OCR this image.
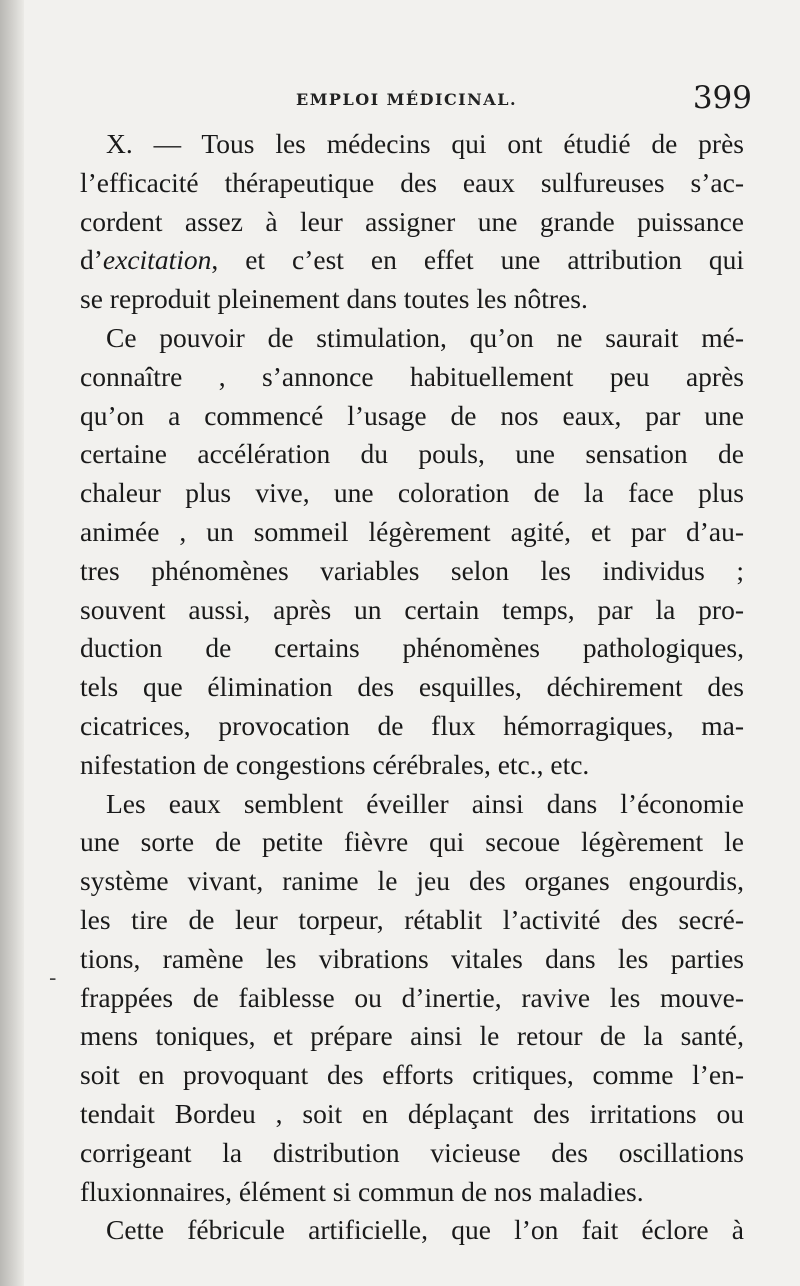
EMPLOI MÉDICINAL.	399
-
X. — Tous les médecins qui ont étudié de près
l’efficacité thérapeutique des eaux sulfureuses s’ac-
cordent assez à leur assigner une grande puissance
d’excitation, et c’est en effet une attribution qui
se reproduit pleinement dans toutes les nôtres.
Ce pouvoir de stimulation, qu’on ne saurait mé-
connaître , s’annonce habituellement peu après
qu’on a commencé l’usage de nos eaux, par une
certaine accélération du pouls, une sensation de
chaleur plus vive, une coloration de la face plus
animée , un sommeil légèrement agité, et par d’au-
tres phénomènes variables selon les individus ;
souvent aussi, après un certain temps, par la pro-
duction de certains phénomènes pathologiques,
tels que élimination des esquilles, déchirement des
cicatrices, provocation de flux hémorragiques, ma-
nifestation de congestions cérébrales, etc., etc.
Les eaux semblent éveiller ainsi dans l’économie
une sorte de petite fièvre qui secoue légèrement le
système vivant, ranime le jeu des organes engourdis,
les tire de leur torpeur, rétablit l’activité des secré-
tions, ramène les vibrations vitales dans les parties
frappées de faiblesse ou d’inertie, ravive les mouve-
mens toniques, et prépare ainsi le retour de la santé,
soit en provoquant des efforts critiques, comme l’en-
tendait Bordeu , soit en déplaçant des irritations ou
corrigeant la distribution vicieuse des oscillations
fluxionnaires, élément si commun de nos maladies.
Cette fébricule artificielle, que l’on fait éclore à
